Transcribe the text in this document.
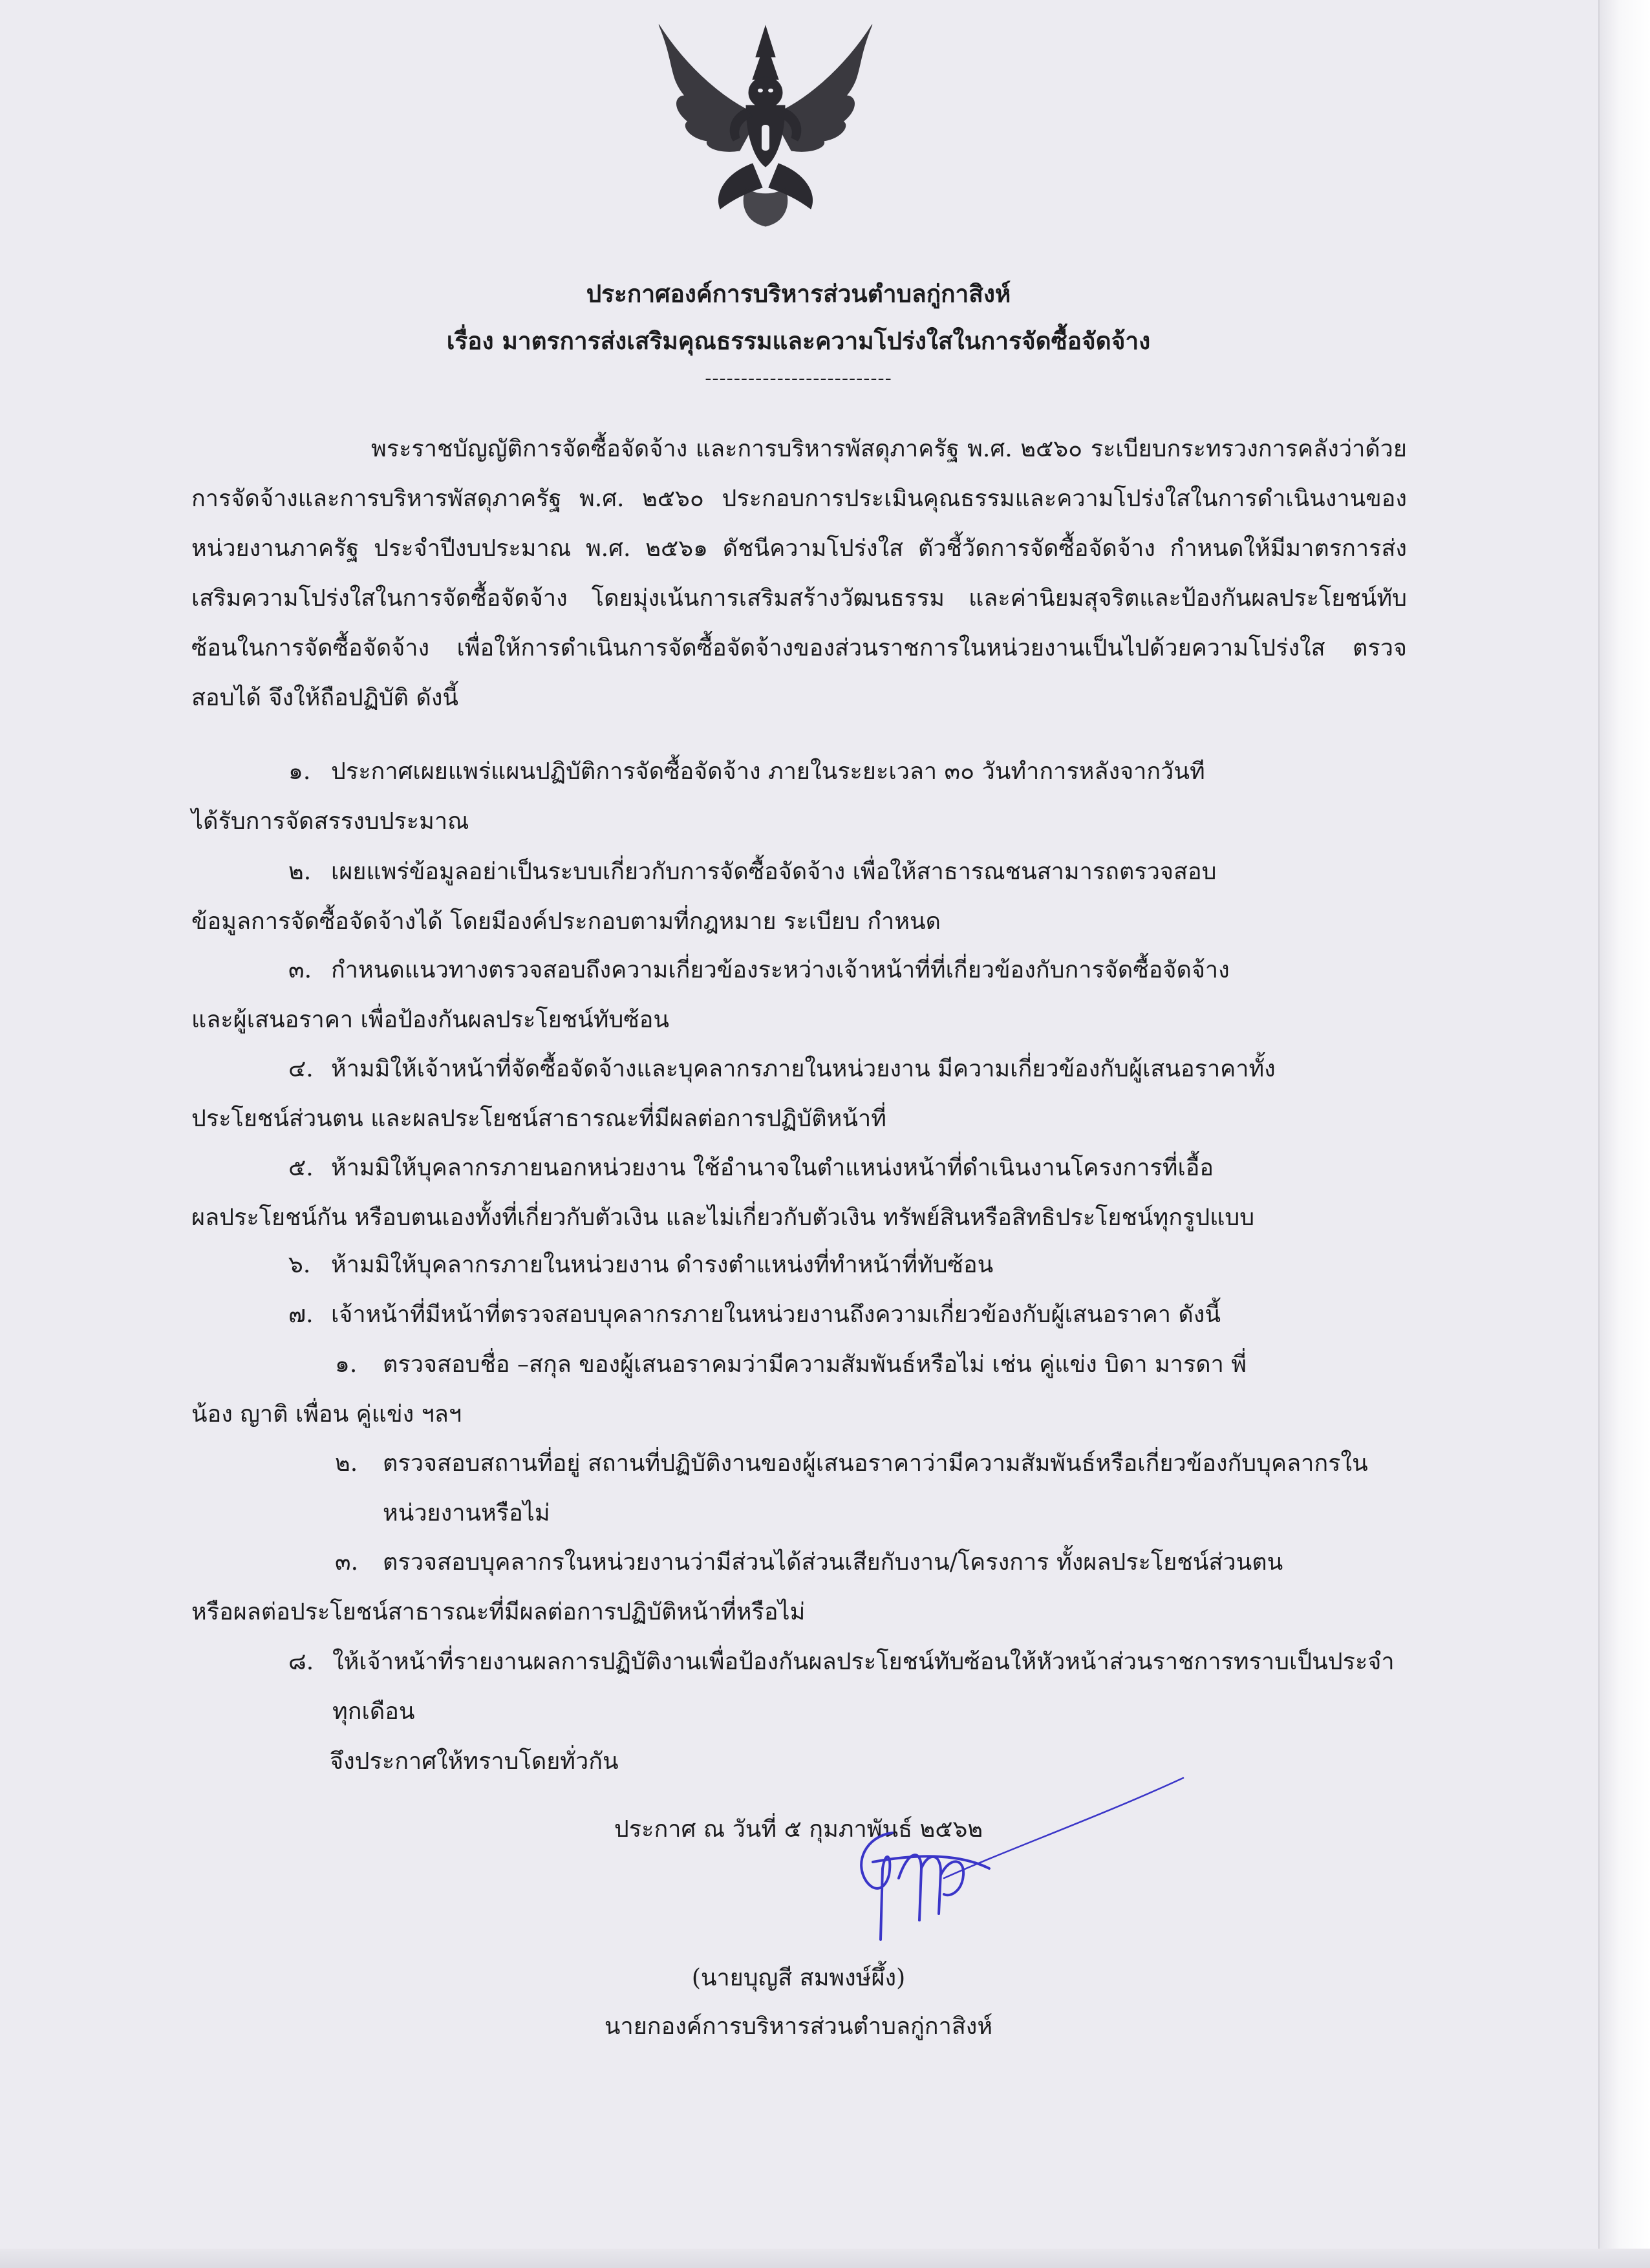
ประกาศองค์การบริหารส่วนตำบลกู่กาสิงห์
เรื่อง มาตรการส่งเสริมคุณธรรมและความโปร่งใสในการจัดซื้อจัดจ้าง
--------------------------
พระราชบัญญัติการจัดซื้อจัดจ้าง และการบริหารพัสดุภาครัฐ พ.ศ. ๒๕๖๐ ระเบียบกระทรวงการคลังว่าด้วยการจัดจ้างและการบริหารพัสดุภาครัฐ พ.ศ. ๒๕๖๐ ประกอบการประเมินคุณธรรมและความโปร่งใสในการดำเนินงานของหน่วยงานภาครัฐ ประจำปีงบประมาณ พ.ศ. ๒๕๖๑ ดัชนีความโปร่งใส ตัวชี้วัดการจัดซื้อจัดจ้าง กำหนดให้มีมาตรการส่งเสริมความโปร่งใสในการจัดซื้อจัดจ้าง โดยมุ่งเน้นการเสริมสร้างวัฒนธรรม และค่านิยมสุจริตและป้องกันผลประโยชน์ทับซ้อนในการจัดซื้อจัดจ้าง เพื่อให้การดำเนินการจัดซื้อจัดจ้างของส่วนราชการในหน่วยงานเป็นไปด้วยความโปร่งใส ตรวจสอบได้ จึงให้ถือปฏิบัติ ดังนี้
๑. ประกาศเผยแพร่แผนปฏิบัติการจัดซื้อจัดจ้าง ภายในระยะเวลา ๓๐ วันทำการหลังจากวันที
ได้รับการจัดสรรงบประมาณ
๒. เผยแพร่ข้อมูลอย่าเป็นระบบเกี่ยวกับการจัดซื้อจัดจ้าง เพื่อให้สาธารณชนสามารถตรวจสอบ
ข้อมูลการจัดซื้อจัดจ้างได้ โดยมีองค์ประกอบตามที่กฎหมาย ระเบียบ กำหนด
๓. กำหนดแนวทางตรวจสอบถึงความเกี่ยวข้องระหว่างเจ้าหน้าที่ที่เกี่ยวข้องกับการจัดซื้อจัดจ้าง
และผู้เสนอราคา เพื่อป้องกันผลประโยชน์ทับซ้อน
๔. ห้ามมิให้เจ้าหน้าที่จัดซื้อจัดจ้างและบุคลากรภายในหน่วยงาน มีความเกี่ยวข้องกับผู้เสนอราคาทั้ง
ประโยชน์ส่วนตน และผลประโยชน์สาธารณะที่มีผลต่อการปฏิบัติหน้าที่
๕. ห้ามมิให้บุคลากรภายนอกหน่วยงาน ใช้อำนาจในตำแหน่งหน้าที่ดำเนินงานโครงการที่เอื้อ
ผลประโยชน์กัน หรือบตนเองทั้งที่เกี่ยวกับตัวเงิน และไม่เกี่ยวกับตัวเงิน ทรัพย์สินหรือสิทธิประโยชน์ทุกรูปแบบ
๖. ห้ามมิให้บุคลากรภายในหน่วยงาน ดำรงตำแหน่งที่ทำหน้าที่ทับซ้อน
๗. เจ้าหน้าที่มีหน้าที่ตรวจสอบบุคลากรภายในหน่วยงานถึงความเกี่ยวข้องกับผู้เสนอราคา ดังนี้
๑. ตรวจสอบชื่อ –สกุล ของผู้เสนอราคมว่ามีความสัมพันธ์หรือไม่ เช่น คู่แข่ง บิดา มารดา พี่
น้อง ญาติ เพื่อน คู่แข่ง ฯลฯ
๒. ตรวจสอบสถานที่อยู่ สถานที่ปฏิบัติงานของผู้เสนอราคาว่ามีความสัมพันธ์หรือเกี่ยวข้องกับบุคลากรใน
หน่วยงานหรือไม่
๓. ตรวจสอบบุคลากรในหน่วยงานว่ามีส่วนได้ส่วนเสียกับงาน/โครงการ ทั้งผลประโยชน์ส่วนตน
หรือผลต่อประโยชน์สาธารณะที่มีผลต่อการปฏิบัติหน้าที่หรือไม่
๘. ให้เจ้าหน้าที่รายงานผลการปฏิบัติงานเพื่อป้องกันผลประโยชน์ทับซ้อนให้หัวหน้าส่วนราชการทราบเป็นประจำ
ทุกเดือน
จึงประกาศให้ทราบโดยทั่วกัน
ประกาศ ณ วันที่ ๕ กุมภาพันธ์ ๒๕๖๒
(นายบุญสี สมพงษ์ผึ้ง)
นายกองค์การบริหารส่วนตำบลกู่กาสิงห์
